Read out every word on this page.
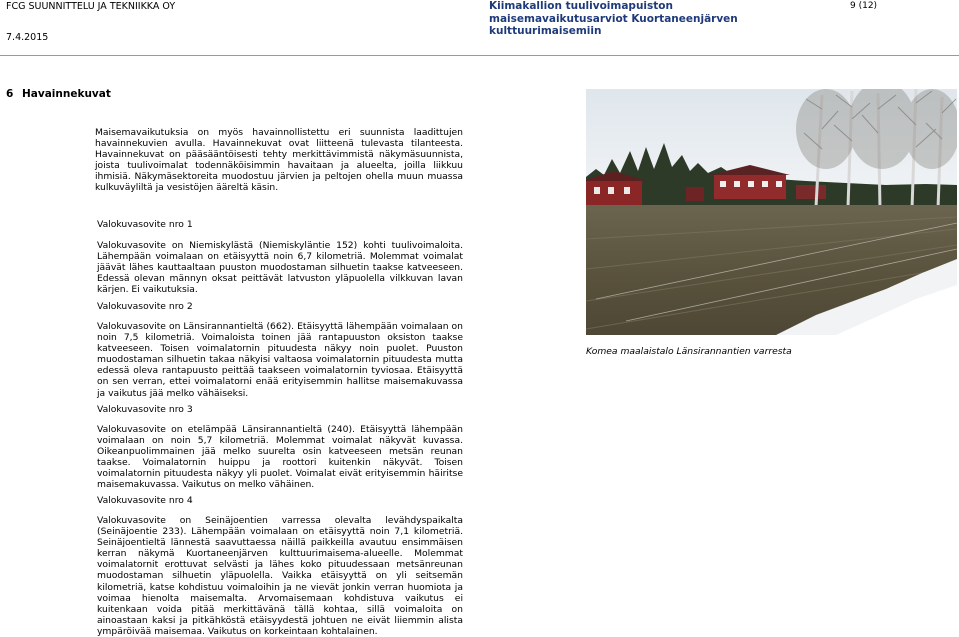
FCG SUUNNITTELU JA TEKNIIKKA OY
7.4.2015
Kiimakallion tuulivoimapuiston
maisemavaikutusarviot Kuortaneenjärven
kulttuurimaisemiin
9 (12)
6 Havainnekuvat
Maisemavaikutuksia on myös havainnollistettu eri suunnista laadittujen havainnekuvien avulla. Havainnekuvat ovat liitteenä tulevasta tilanteesta. Havainnekuvat on pääsääntöisesti tehty merkittävimmistä näkymäsuunnista, joista tuulivoimalat todennäköisimmin havaitaan ja alueelta, joilla liikkuu ihmisiä. Näkymäsektoreita muodostuu järvien ja peltojen ohella muun muassa kulkuväyliltä ja vesistöjen ääreltä käsin.
Valokuvasovite nro 1
Valokuvasovite on Niemiskylästä (Niemiskyläntie 152) kohti tuulivoimaloita. Lähempään voimalaan on etäisyyttä noin 6,7 kilometriä. Molemmat voimalat jäävät lähes kauttaaltaan puuston muodostaman silhuetin taakse katveeseen. Edessä olevan männyn oksat peittävät latvuston yläpuolella vilkkuvan lavan kärjen. Ei vaikutuksia.
Valokuvasovite nro 2
Valokuvasovite on Länsirannantieltä (662). Etäisyyttä lähempään voimalaan on noin 7,5 kilometriä. Voimaloista toinen jää rantapuuston oksiston taakse katveeseen. Toisen voimalatornin pituudesta näkyy noin puolet. Puuston muodostaman silhuetin takaa näkyisi valtaosa voimalatornin pituudesta mutta edessä oleva rantapuusto peittää taakseen voimalatornin tyviosaa. Etäisyyttä on sen verran, ettei voimalatorni enää erityisemmin hallitse maisemakuvassa ja vaikutus jää melko vähäiseksi.
Valokuvasovite nro 3
Valokuvasovite on etelämpää Länsirannantieltä (240). Etäisyyttä lähempään voimalaan on noin 5,7 kilometriä. Molemmat voimalat näkyvät kuvassa. Oikeanpuolimmainen jää melko suurelta osin katveeseen metsän reunan taakse. Voimalatornin huippu ja roottori kuitenkin näkyvät. Toisen voimalatornin pituudesta näkyy yli puolet. Voimalat eivät erityisemmin häiritse maisemakuvassa. Vaikutus on melko vähäinen.
Valokuvasovite nro 4
Valokuvasovite on Seinäjoentien varressa olevalta levähdyspaikalta (Seinäjoentie 233). Lähempään voimalaan on etäisyyttä noin 7,1 kilometriä. Seinäjoentieltä lännestä saavuttaessa näillä paikkeilla avautuu ensimmäisen kerran näkymä Kuortaneenjärven kulttuurimaisema-alueelle. Molemmat voimalatornit erottuvat selvästi ja lähes koko pituudessaan metsänreunan muodostaman silhuetin yläpuolella. Vaikka etäisyyttä on yli seitsemän kilometriä, katse kohdistuu voimaloihin ja ne vievät jonkin verran huomiota ja voimaa hienolta maisemalta. Arvomaisemaan kohdistuva vaikutus ei kuitenkaan voida pitää merkittävänä tällä kohtaa, sillä voimaloita on ainoastaan kaksi ja pitkähköstä etäisyydestä johtuen ne eivät liiemmin alista ympäröivää maisemaa. Vaikutus on korkeintaan kohtalainen.
Komea maalaistalo Länsirannantien varresta
